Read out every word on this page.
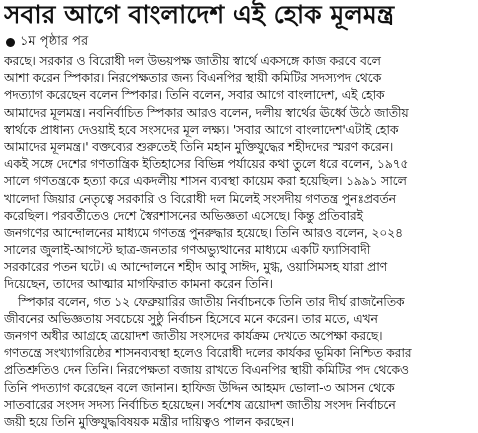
সবার আগে বাংলাদেশ এই হোক মূলমন্ত্র
১ম পৃষ্ঠার পর
করছে। সরকার ও বিরোধী দল উভয়পক্ষ জাতীয় স্বার্থে একসঙ্গে কাজ করবে বলে
আশা করেন স্পিকার। নিরপেক্ষতার জন্য বিএনপির স্থায়ী কমিটির সদস্যপদ থেকে
পদত্যাগ করেছেন বলেন স্পিকার। তিনি বলেন, সবার আগে বাংলাদেশ, এই হোক
আমাদের মূলমন্ত্র। নবনির্বাচিত স্পিকার আরও বলেন, দলীয় স্বার্থের ঊর্ধ্বে উঠে জাতীয়
স্বার্থকে প্রাধান্য দেওয়াই হবে সংসদের মূল লক্ষ্য। 'সবার আগে বাংলাদেশ'এটাই হোক
আমাদের মূলমন্ত্র।' বক্তব্যের শুরুতেই তিনি মহান মুক্তিযুদ্ধের শহীদদের স্মরণ করেন।
একই সঙ্গে দেশের গণতান্ত্রিক ইতিহাসের বিভিন্ন পর্যায়ের কথা তুলে ধরে বলেন, ১৯৭৫
সালে গণতন্ত্রকে হত্যা করে একদলীয় শাসন ব্যবস্থা কায়েম করা হয়েছিল। ১৯৯১ সালে
খালেদা জিয়ার নেতৃত্বে সরকারি ও বিরোধী দল মিলেই সংসদীয় গণতন্ত্র পুনঃপ্রবর্তন
করেছিল। পরবর্তীতেও দেশে স্বৈরশাসনের অভিজ্ঞতা এসেছে। কিন্তু প্রতিবারই
জনগণের আন্দোলনের মাধ্যমে গণতন্ত্র পুনরুদ্ধার হয়েছে। তিনি আরও বলেন, ২০২৪
সালের জুলাই-আগস্টে ছাত্র-জনতার গণঅভ্যুত্থানের মাধ্যমে একটি ফ্যাসিবাদী
সরকারের পতন ঘটে। এ আন্দোলনে শহীদ আবু সাঈদ, মুগ্ধ, ওয়াসিমসহ যারা প্রাণ
দিয়েছেন, তাদের আত্মার মাগফিরাত কামনা করেন তিনি।
স্পিকার বলেন, গত ১২ ফেব্রুয়ারির জাতীয় নির্বাচনকে তিনি তার দীর্ঘ রাজনৈতিক
জীবনের অভিজ্ঞতায় সবচেয়ে সুষ্ঠু নির্বাচন হিসেবে মনে করেন। তার মতে, এখন
জনগণ অধীর আগ্রহে ত্রয়োদশ জাতীয় সংসদের কার্যক্রম দেখতে অপেক্ষা করছে।
গণতন্ত্রে সংখ্যাগরিষ্ঠের শাসনব্যবস্থা হলেও বিরোধী দলের কার্যকর ভূমিকা নিশ্চিত করার
প্রতিশ্রুতিও দেন তিনি। নিরপেক্ষতা বজায় রাখতে বিএনপির স্থায়ী কমিটির পদ থেকেও
তিনি পদত্যাগ করেছেন বলে জানান। হাফিজ উদ্দিন আহমদ ভোলা-৩ আসন থেকে
সাতবারের সংসদ সদস্য নির্বাচিত হয়েছেন। সর্বশেষ ত্রয়োদশ জাতীয় সংসদ নির্বাচনে
জয়ী হয়ে তিনি মুক্তিযুদ্ধবিষয়ক মন্ত্রীর দায়িত্বও পালন করছেন।
